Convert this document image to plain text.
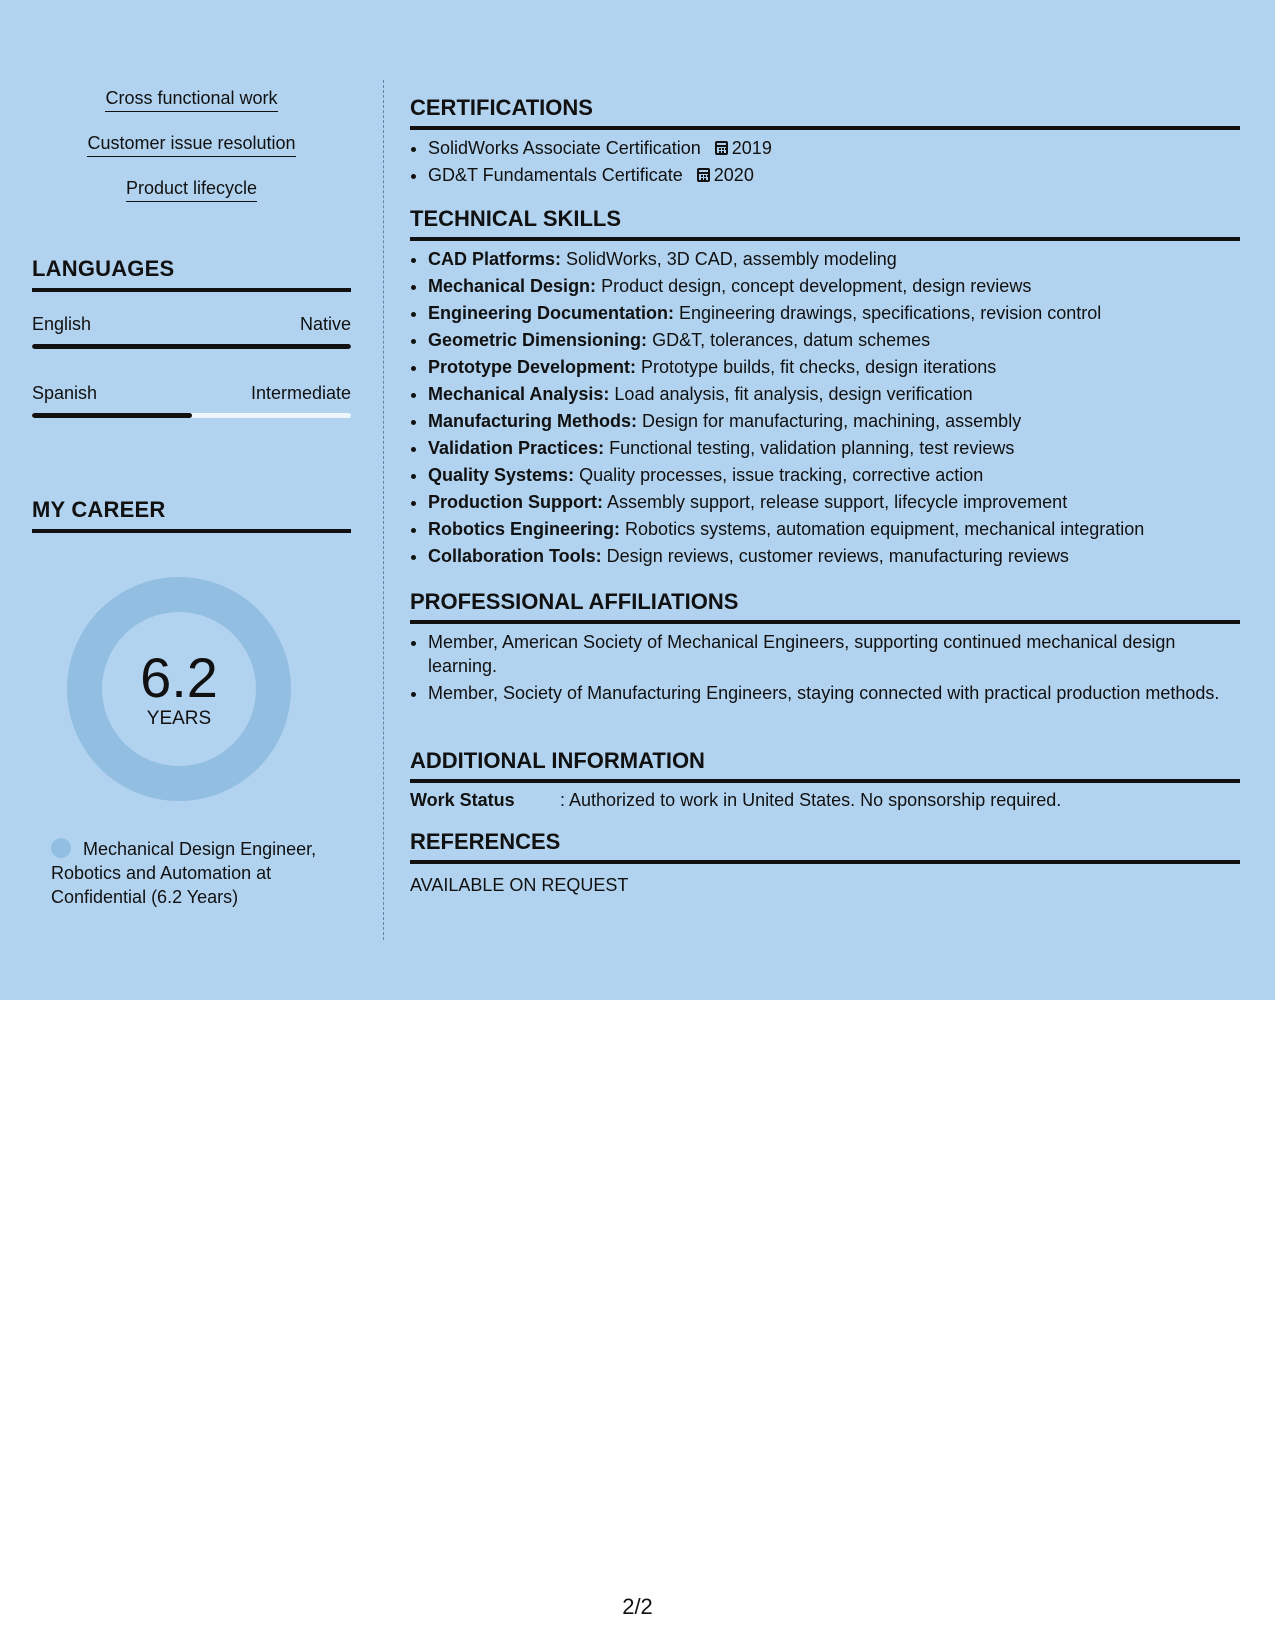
Cross functional work
Customer issue resolution
Product lifecycle
LANGUAGES
English	Native
Spanish	Intermediate
MY CAREER
6.2
YEARS
Mechanical Design Engineer, Robotics and Automation at Confidential (6.2 Years)
CERTIFICATIONS
• SolidWorks Associate Certification 2019
• GD&T Fundamentals Certificate 2020
TECHNICAL SKILLS
• CAD Platforms: SolidWorks, 3D CAD, assembly modeling
• Mechanical Design: Product design, concept development, design reviews
• Engineering Documentation: Engineering drawings, specifications, revision control
• Geometric Dimensioning: GD&T, tolerances, datum schemes
• Prototype Development: Prototype builds, fit checks, design iterations
• Mechanical Analysis: Load analysis, fit analysis, design verification
• Manufacturing Methods: Design for manufacturing, machining, assembly
• Validation Practices: Functional testing, validation planning, test reviews
• Quality Systems: Quality processes, issue tracking, corrective action
• Production Support: Assembly support, release support, lifecycle improvement
• Robotics Engineering: Robotics systems, automation equipment, mechanical integration
• Collaboration Tools: Design reviews, customer reviews, manufacturing reviews
PROFESSIONAL AFFILIATIONS
• Member, American Society of Mechanical Engineers, supporting continued mechanical design learning.
• Member, Society of Manufacturing Engineers, staying connected with practical production methods.
ADDITIONAL INFORMATION
Work Status	: Authorized to work in United States. No sponsorship required.
REFERENCES
AVAILABLE ON REQUEST
2/2
